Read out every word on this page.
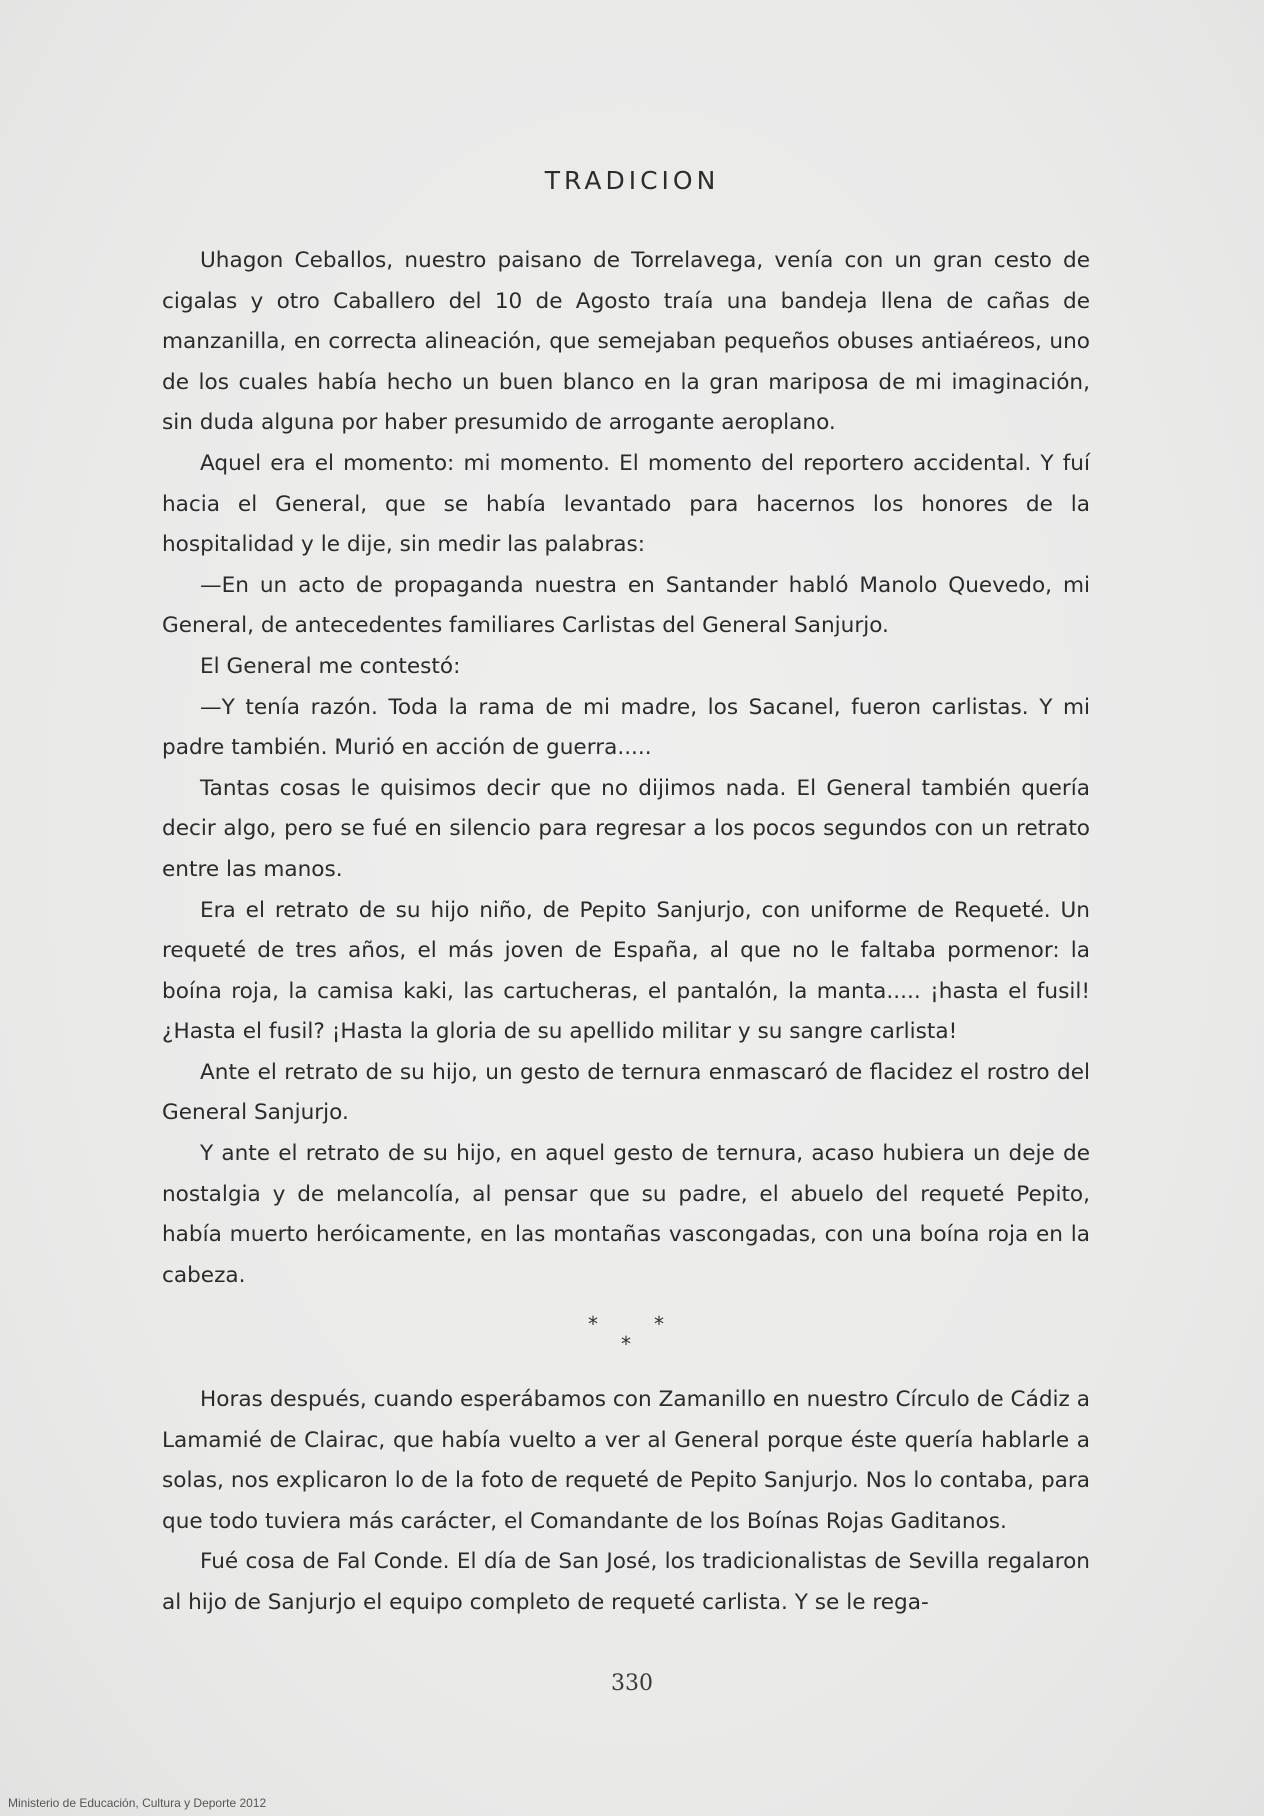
TRADICION

Uhagon Ceballos, nuestro paisano de Torrelavega, venía con un gran cesto de cigalas y otro Caballero del 10 de Agosto traía una bandeja llena de cañas de manzanilla, en correcta alineación, que semejaban pequeños obuses antiaéreos, uno de los cuales había hecho un buen blanco en la gran mariposa de mi imaginación, sin duda alguna por haber presumido de arrogante aeroplano.

Aquel era el momento: mi momento. El momento del reportero accidental. Y fuí hacia el General, que se había levantado para hacernos los honores de la hospitalidad y le dije, sin medir las palabras:

—En un acto de propaganda nuestra en Santander habló Manolo Quevedo, mi General, de antecedentes familiares Carlistas del General Sanjurjo.

El General me contestó:

—Y tenía razón. Toda la rama de mi madre, los Sacanel, fueron carlistas. Y mi padre también. Murió en acción de guerra.....

Tantas cosas le quisimos decir que no dijimos nada. El General también quería decir algo, pero se fué en silencio para regresar a los pocos segundos con un retrato entre las manos.

Era el retrato de su hijo niño, de Pepito Sanjurjo, con uniforme de Requeté. Un requeté de tres años, el más joven de España, al que no le faltaba pormenor: la boína roja, la camisa kaki, las cartucheras, el pantalón, la manta..... ¡hasta el fusil! ¿Hasta el fusil? ¡Hasta la gloria de su apellido militar y su sangre carlista!

Ante el retrato de su hijo, un gesto de ternura enmascaró de flacidez el rostro del General Sanjurjo.

Y ante el retrato de su hijo, en aquel gesto de ternura, acaso hubiera un deje de nostalgia y de melancolía, al pensar que su padre, el abuelo del requeté Pepito, había muerto heróicamente, en las montañas vascongadas, con una boína roja en la cabeza.

*	*
*

Horas después, cuando esperábamos con Zamanillo en nuestro Círculo de Cádiz a Lamamié de Clairac, que había vuelto a ver al General porque éste quería hablarle a solas, nos explicaron lo de la foto de requeté de Pepito Sanjurjo. Nos lo contaba, para que todo tuviera más carácter, el Comandante de los Boínas Rojas Gaditanos.

Fué cosa de Fal Conde. El día de San José, los tradicionalistas de Sevilla regalaron al hijo de Sanjurjo el equipo completo de requeté carlista. Y se le rega-

330
Ministerio de Educación, Cultura y Deporte 2012
